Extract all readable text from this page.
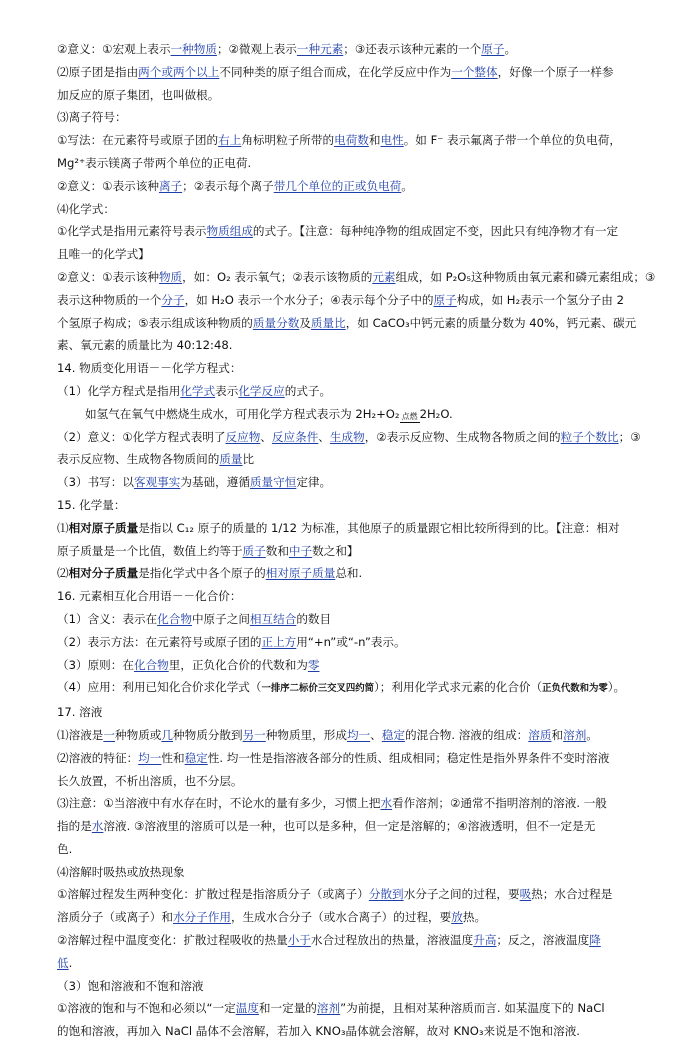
②意义：①宏观上表示一种物质；②微观上表示一种元素；③还表示该种元素的一个原子。
⑵原子团是指由两个或两个以上不同种类的原子组合而成，在化学反应中作为一个整体，好像一个原子一样参
加反应的原子集团，也叫做根。
⑶离子符号：
①写法：在元素符号或原子团的右上角标明粒子所带的电荷数和电性。如 F⁻ 表示氟离子带一个单位的负电荷，
Mg²⁺表示镁离子带两个单位的正电荷.
②意义：①表示该种离子；②表示每个离子带几个单位的正或负电荷。
⑷化学式：
①化学式是指用元素符号表示物质组成的式子。【注意：每种纯净物的组成固定不变，因此只有纯净物才有一定
且唯一的化学式】
②意义：①表示该种物质，如：O₂ 表示氧气；②表示该物质的元素组成，如 P₂O₅这种物质由氧元素和磷元素组成；③
表示这种物质的一个分子，如 H₂O 表示一个水分子；④表示每个分子中的原子构成，如 H₂表示一个氢分子由 2
个氢原子构成；⑤表示组成该种物质的质量分数及质量比，如 CaCO₃中钙元素的质量分数为 40%，钙元素、碳元
素、氧元素的质量比为 40:12:48.
14. 物质变化用语－－化学方程式：
（1）化学方程式是指用化学式表示化学反应的式子。
如氢气在氧气中燃烧生成水，可用化学方程式表示为 2H₂+O₂ 点燃 2H₂O.
（2）意义：①化学方程式表明了反应物、反应条件、生成物，②表示反应物、生成物各物质之间的粒子个数比；③
表示反应物、生成物各物质间的质量比
（3）书写：以客观事实为基础，遵循质量守恒定律。
15. 化学量：
⑴相对原子质量是指以 C₁₂ 原子的质量的 1/12 为标准，其他原子的质量跟它相比较所得到的比。【注意：相对
原子质量是一个比值，数值上约等于质子数和中子数之和】
⑵相对分子质量是指化学式中各个原子的相对原子质量总和.
16. 元素相互化合用语－－化合价：
（1）含义：表示在化合物中原子之间相互结合的数目
（2）表示方法：在元素符号或原子团的正上方用“+n”或“-n”表示。
（3）原则：在化合物里，正负化合价的代数和为零
（4）应用：利用已知化合价求化学式（一排序二标价三交叉四约简）；利用化学式求元素的化合价（正负代数和为零）。
17. 溶液
⑴溶液是一种物质或几种物质分散到另一种物质里，形成均一、稳定的混合物. 溶液的组成：溶质和溶剂。
⑵溶液的特征：均一性和稳定性. 均一性是指溶液各部分的性质、组成相同；稳定性是指外界条件不变时溶液
长久放置，不析出溶质，也不分层。
⑶注意：①当溶液中有水存在时，不论水的量有多少，习惯上把水看作溶剂；②通常不指明溶剂的溶液. 一般
指的是水溶液. ③溶液里的溶质可以是一种，也可以是多种，但一定是溶解的；④溶液透明，但不一定是无
色.
⑷溶解时吸热或放热现象
①溶解过程发生两种变化：扩散过程是指溶质分子（或离子）分散到水分子之间的过程，要吸热；水合过程是
溶质分子（或离子）和水分子作用，生成水合分子（或水合离子）的过程，要放热。
②溶解过程中温度变化：扩散过程吸收的热量小于水合过程放出的热量，溶液温度升高；反之，溶液温度降
低.
（3）饱和溶液和不饱和溶液
①溶液的饱和与不饱和必须以“一定温度和一定量的溶剂”为前提，且相对某种溶质而言. 如某温度下的 NaCl
的饱和溶液，再加入 NaCl 晶体不会溶解，若加入 KNO₃晶体就会溶解，故对 KNO₃来说是不饱和溶液.
